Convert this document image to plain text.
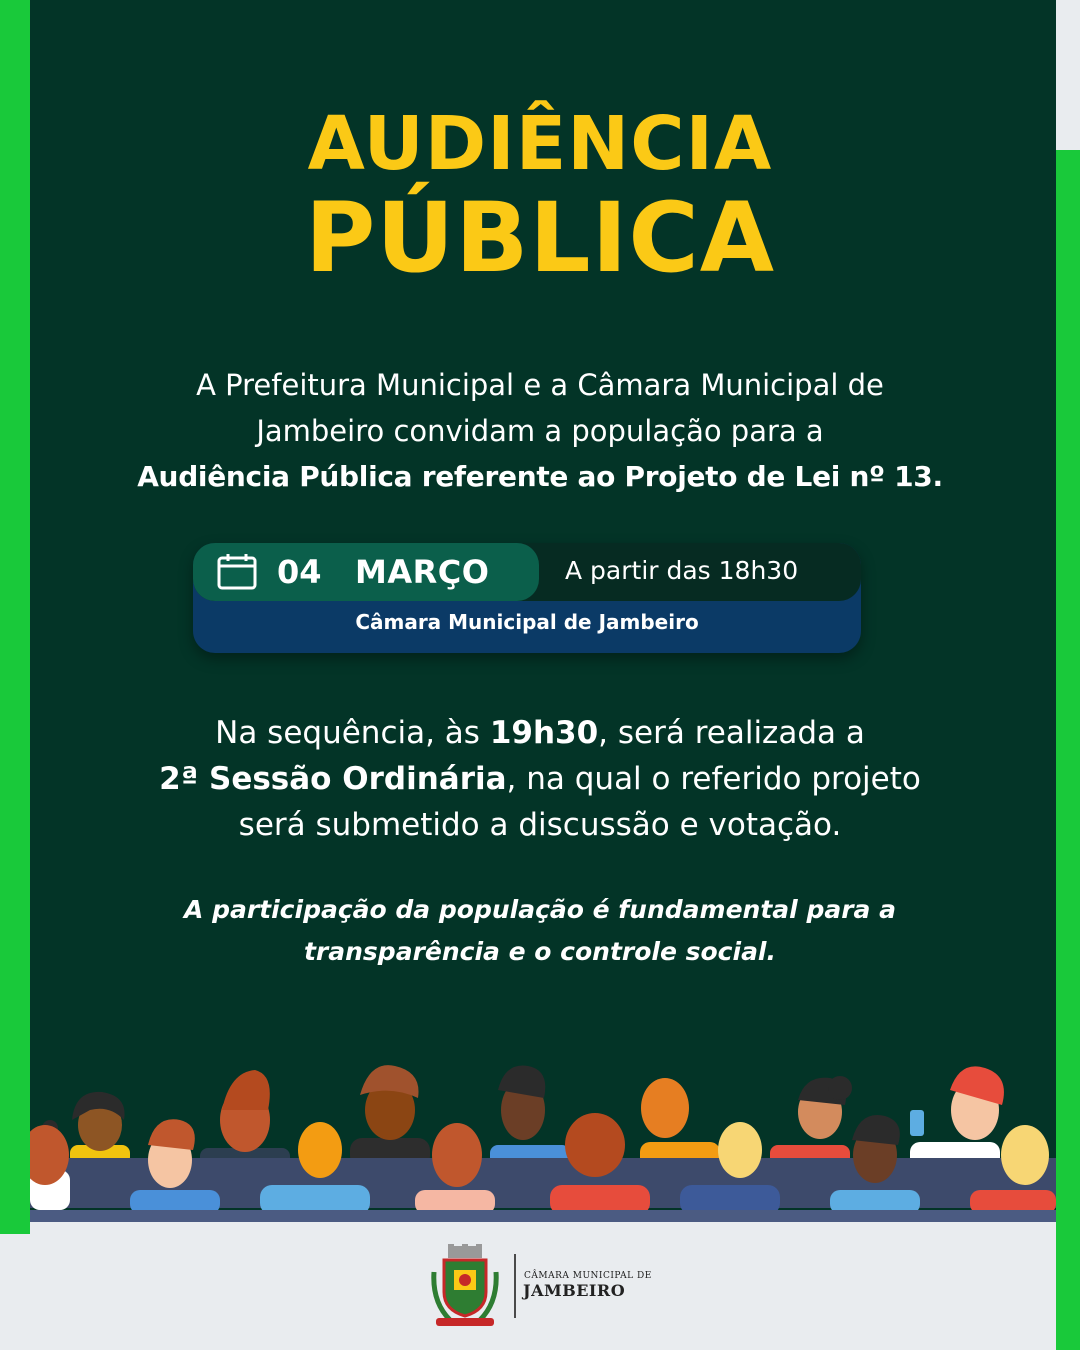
AUDIÊNCIA
PÚBLICA
A Prefeitura Municipal e a Câmara Municipal de
Jambeiro convidam a população para a
Audiência Pública referente ao Projeto de Lei nº 13.
04 MARÇO	A partir das 18h30
Câmara Municipal de Jambeiro
Na sequência, às 19h30, será realizada a
2ª Sessão Ordinária, na qual o referido projeto
será submetido a discussão e votação.
A participação da população é fundamental para a
transparência e o controle social.
CÂMARA MUNICIPAL DE
JAMBEIRO
